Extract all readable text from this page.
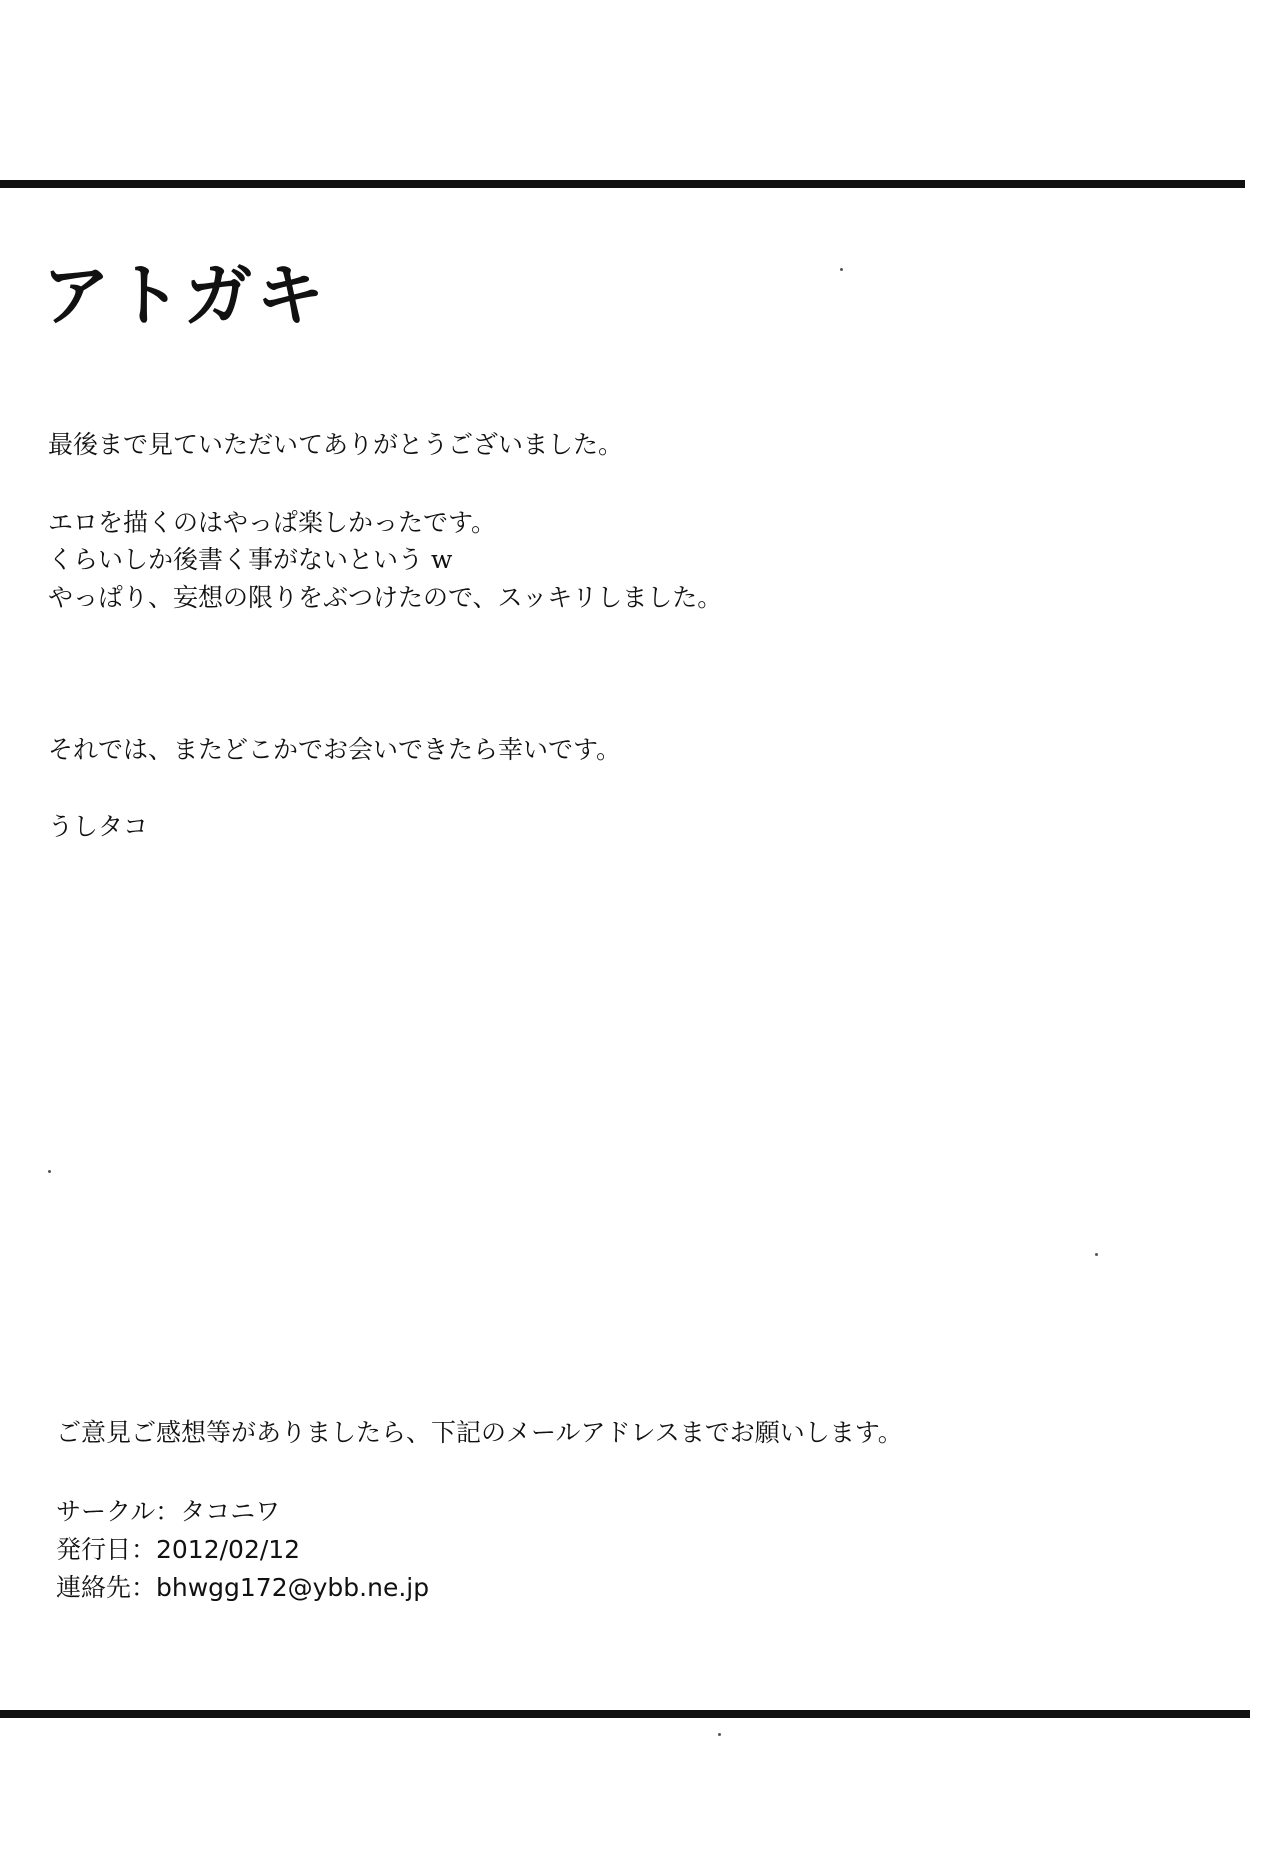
アトガキ
最後まで見ていただいてありがとうございました。
エロを描くのはやっぱ楽しかったです。
くらいしか後書く事がないという w
やっぱり、妄想の限りをぶつけたので、スッキリしました。
それでは、またどこかでお会いできたら幸いです。
うしタコ
ご意見ご感想等がありましたら、下記のメールアドレスまでお願いします。
サークル：タコニワ
発行日：2012/02/12
連絡先：bhwgg172@ybb.ne.jp
